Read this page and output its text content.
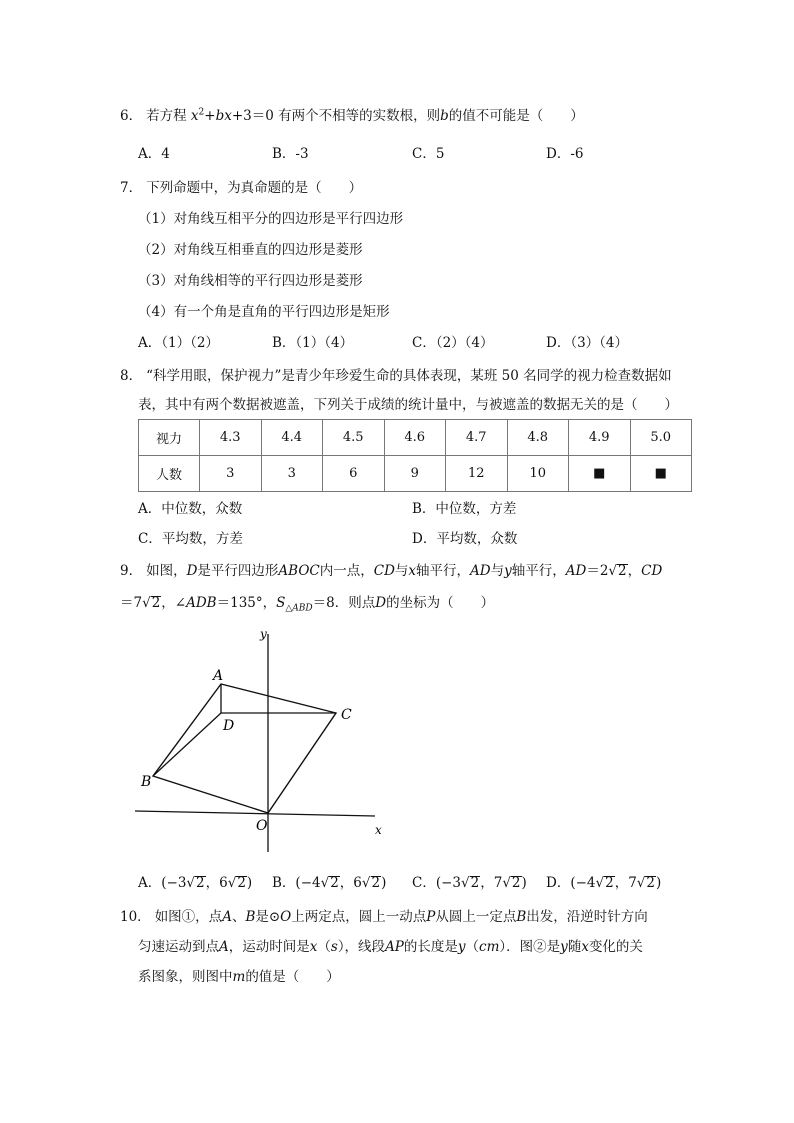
6． 若方程 $x^2+bx+3=0$ 有两个不相等的实数根，则b的值不可能是（　　）
A．4	B．-3	C．5	D．-6
7． 下列命题中，为真命题的是（　　）
（1）对角线互相平分的四边形是平行四边形
（2）对角线互相垂直的四边形是菱形
（3）对角线相等的平行四边形是菱形
（4）有一个角是直角的平行四边形是矩形
A．（1）（2）	B．（1）（4）	C．（2）（4）	D．（3）（4）
8． “科学用眼，保护视力”是青少年珍爱生命的具体表现，某班 50 名同学的视力检查数据如
表，其中有两个数据被遮盖，下列关于成绩的统计量中，与被遮盖的数据无关的是（　　）
视力	4.3	4.4	4.5	4.6	4.7	4.8	4.9	5.0
人数	3	3	6	9	12	10	■	■
A．中位数，众数	B．中位数，方差
C．平均数，方差	D．平均数，众数
9． 如图，D是平行四边形ABOC内一点，CD与x轴平行，AD与y轴平行，AD＝2√2，CD
＝7√2，∠ADB＝135°，$S_{\triangle ABD}=8$．则点D的坐标为（　　）
A
D
C
B
O	x
y
A．(−3√2，6√2) B．(−4√2，6√2) C．(−3√2，7√2) D．(−4√2，7√2)
10． 如图①，点A、B是⊙O上两定点，圆上一动点P从圆上一定点B出发，沿逆时针方向
匀速运动到点A，运动时间是x（s），线段AP的长度是y（cm）．图②是y随x变化的关
系图象，则图中m的值是（　　）
